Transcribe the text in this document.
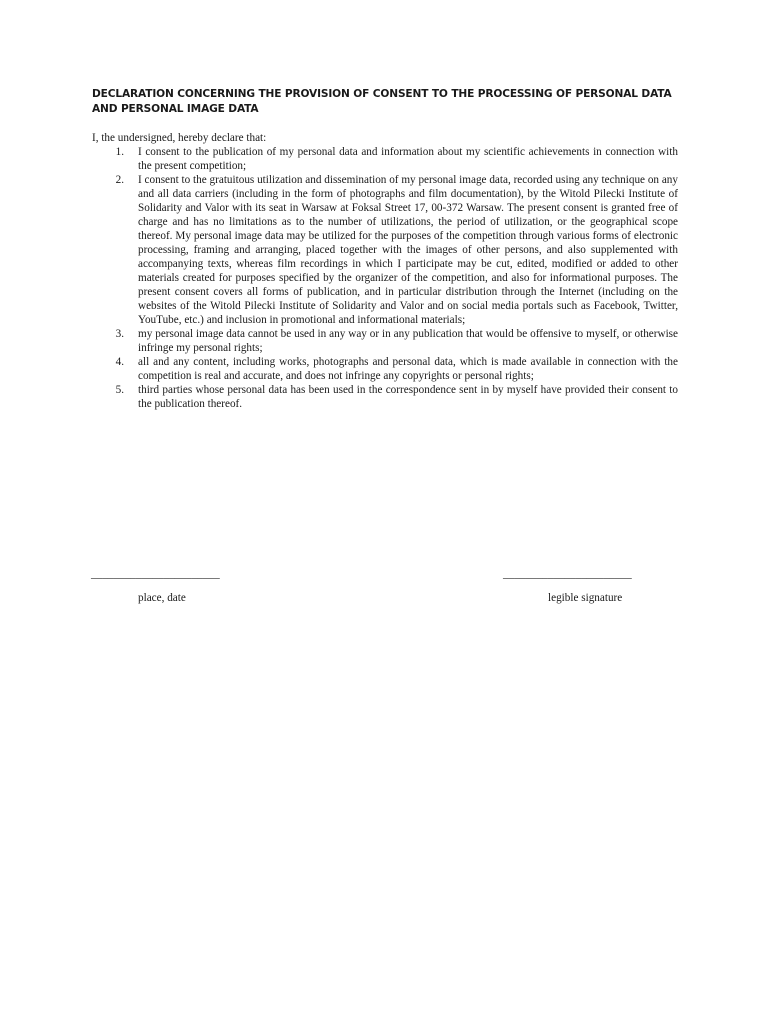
DECLARATION CONCERNING THE PROVISION OF CONSENT TO THE PROCESSING OF PERSONAL DATA AND PERSONAL IMAGE DATA

I, the undersigned, hereby declare that:

1. I consent to the publication of my personal data and information about my scientific achievements in connection with the present competition;
2. I consent to the gratuitous utilization and dissemination of my personal image data, recorded using any technique on any and all data carriers (including in the form of photographs and film documentation), by the Witold Pilecki Institute of Solidarity and Valor with its seat in Warsaw at Foksal Street 17, 00-372 Warsaw. The present consent is granted free of charge and has no limitations as to the number of utilizations, the period of utilization, or the geographical scope thereof. My personal image data may be utilized for the purposes of the competition through various forms of electronic processing, framing and arranging, placed together with the images of other persons, and also supplemented with accompanying texts, whereas film recordings in which I participate may be cut, edited, modified or added to other materials created for purposes specified by the organizer of the competition, and also for informational purposes. The present consent covers all forms of publication, and in particular distribution through the Internet (including on the websites of the Witold Pilecki Institute of Solidarity and Valor and on social media portals such as Facebook, Twitter, YouTube, etc.) and inclusion in promotional and informational materials;
3. my personal image data cannot be used in any way or in any publication that would be offensive to myself, or otherwise infringe my personal rights;
4. all and any content, including works, photographs and personal data, which is made available in connection with the competition is real and accurate, and does not infringe any copyrights or personal rights;
5. third parties whose personal data has been used in the correspondence sent in by myself have provided their consent to the publication thereof.
_______________________	_______________________
place, date	legible signature
